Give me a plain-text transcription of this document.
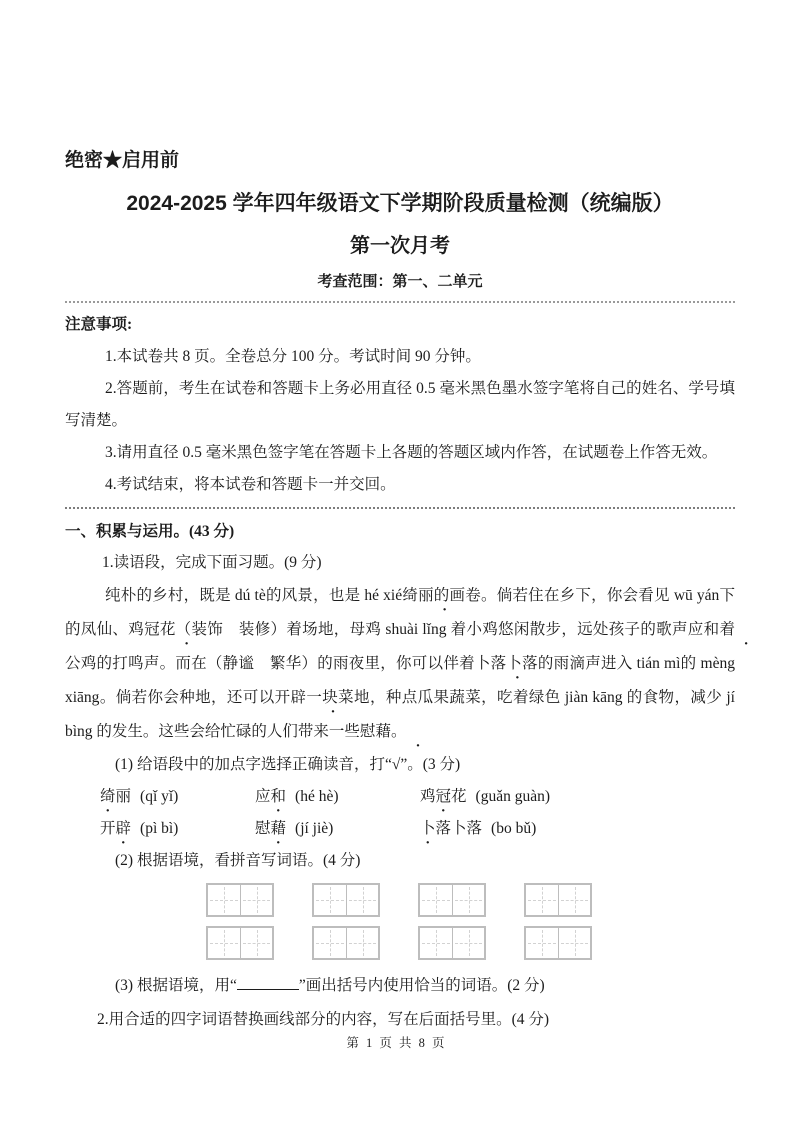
绝密★启用前
2024-2025 学年四年级语文下学期阶段质量检测（统编版）
第一次月考
考查范围：第一、二单元
注意事项:

1.本试卷共 8 页。全卷总分 100 分。考试时间 90 分钟。

2.答题前，考生在试卷和答题卡上务必用直径 0.5 毫米黑色墨水签字笔将自己的姓名、学号填写清楚。

3.请用直径 0.5 毫米黑色签字笔在答题卡上各题的答题区域内作答，在试题卷上作答无效。

4.考试结束，将本试卷和答题卡一并交回。

一、积累与运用。(43 分)

1.读语段，完成下面习题。(9 分)

纯朴的乡村，既是 dú tè的风景，也是 hé xié绮丽的画卷。倘若住在乡下，你会看见 wū yán下的凤仙、鸡冠花（装饰　装修）着场地，母鸡 shuài lǐng 着小鸡悠闲散步，远处孩子的歌声应和着公鸡的打鸣声。而在（静谧　繁华）的雨夜里，你可以伴着卜落卜落的雨滴声进入 tián mì的 mèng xiāng。倘若你会种地，还可以开辟一块菜地，种点瓜果蔬菜，吃着绿色 jiàn kāng 的食物，减少 jí bìng 的发生。这些会给忙碌的人们带来一些慰藉。

(1) 给语段中的加点字选择正确读音，打“√”。(3 分)

绮丽 (qǐ yǐ)	应和 (hé hè)	鸡冠花 (guǎn guàn)
开辟 (pì bì)	慰藉 (jí jiè)	卜落卜落 (bo bǔ)

(2) 根据语境，看拼音写词语。(4 分)

(3) 根据语境，用“	”画出括号内使用恰当的词语。(2 分)

2.用合适的四字词语替换画线部分的内容，写在后面括号里。(4 分)

第 1 页 共 8 页
